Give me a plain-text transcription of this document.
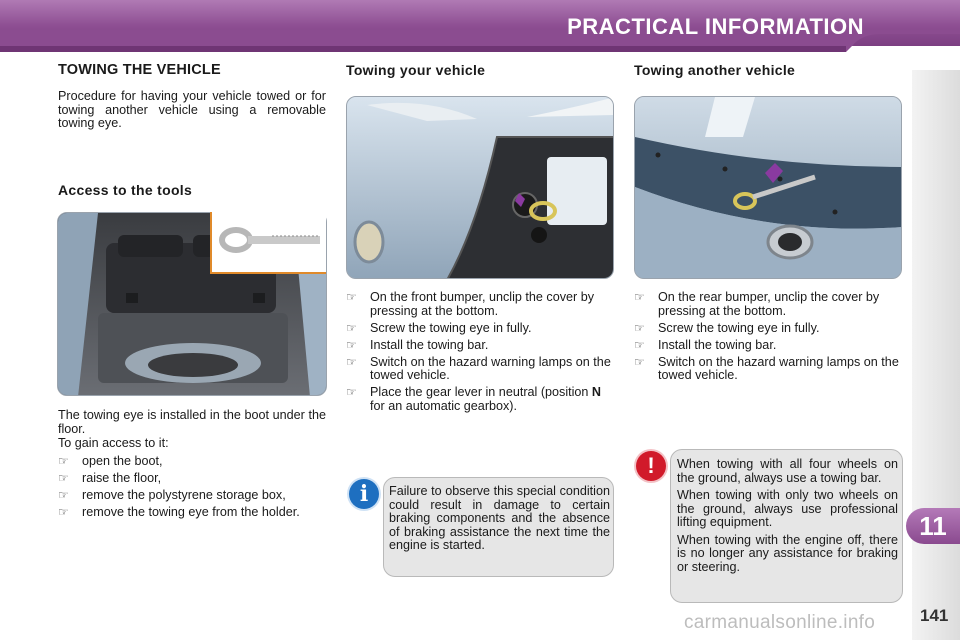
PRACTICAL INFORMATION
11
carmanualsonline.info	141
TOWING THE VEHICLE
Procedure for having your vehicle towed or for towing another vehicle using a removable towing eye.
Access to the tools
The towing eye is installed in the boot under the floor.
To gain access to it:
☞ open the boot,
☞ raise the floor,
☞ remove the polystyrene storage box,
☞ remove the towing eye from the holder.
Towing your vehicle
☞ On the front bumper, unclip the cover by pressing at the bottom.
☞ Screw the towing eye in fully.
☞ Install the towing bar.
☞ Switch on the hazard warning lamps on the towed vehicle.
☞ Place the gear lever in neutral (position N for an automatic gearbox).
i	Failure to observe this special condition could result in damage to certain braking components and the absence of braking assistance the next time the engine is started.
Towing another vehicle
☞ On the rear bumper, unclip the cover by pressing at the bottom.
☞ Screw the towing eye in fully.
☞ Install the towing bar.
☞ Switch on the hazard warning lamps on the towed vehicle.
!	When towing with all four wheels on the ground, always use a towing bar.

When towing with only two wheels on the ground, always use professional lifting equipment.

When towing with the engine off, there is no longer any assistance for braking or steering.
